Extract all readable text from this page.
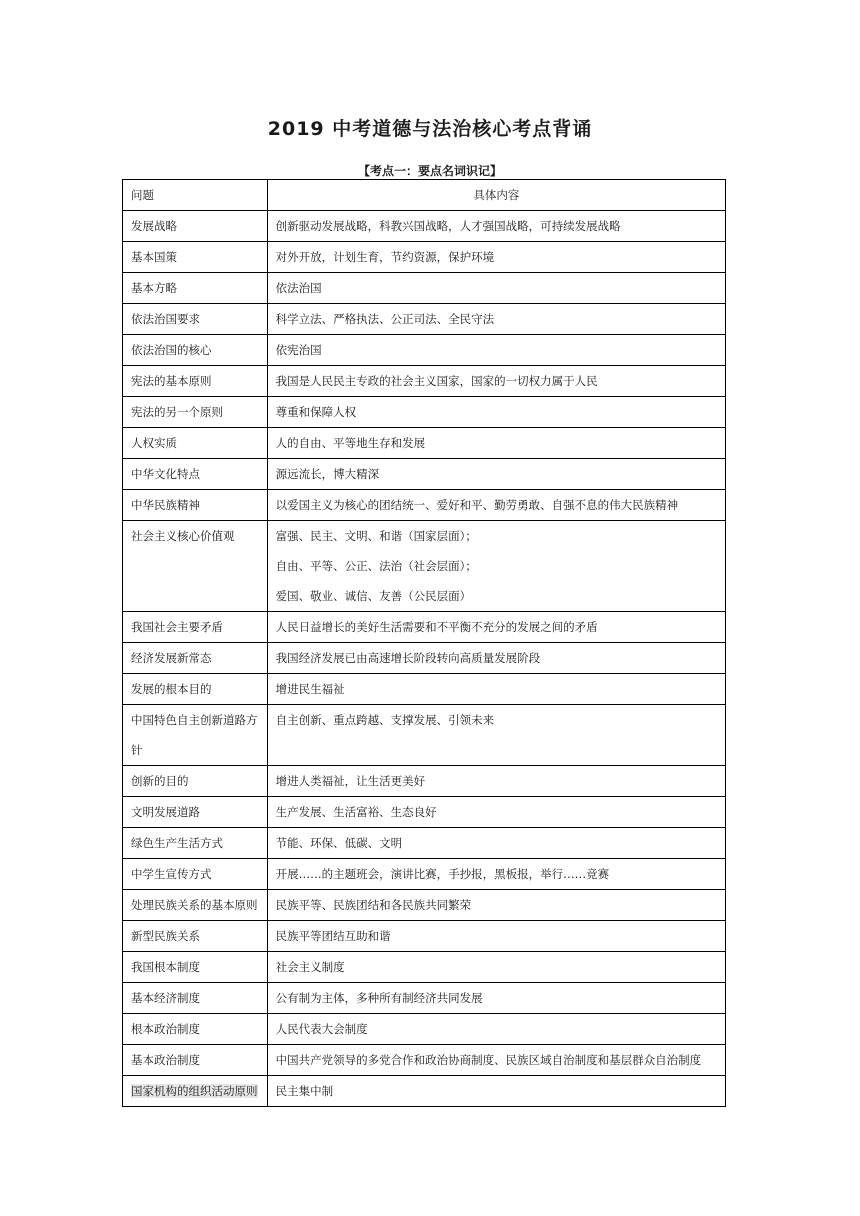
2019 中考道德与法治核心考点背诵
【考点一：要点名词识记】
问题	具体内容
发展战略	创新驱动发展战略，科教兴国战略，人才强国战略，可持续发展战略
基本国策	对外开放，计划生育，节约资源，保护环境
基本方略	依法治国
依法治国要求	科学立法、严格执法、公正司法、全民守法
依法治国的核心	依宪治国
宪法的基本原则	我国是人民民主专政的社会主义国家，国家的一切权力属于人民
宪法的另一个原则	尊重和保障人权
人权实质	人的自由、平等地生存和发展
中华文化特点	源远流长，博大精深
中华民族精神	以爱国主义为核心的团结统一、爱好和平、勤劳勇敢、自强不息的伟大民族精神
社会主义核心价值观	富强、民主、文明、和谐（国家层面）；
自由、平等、公正、法治（社会层面）；
爱国、敬业、诚信、友善（公民层面）

我国社会主要矛盾	人民日益增长的美好生活需要和不平衡不充分的发展之间的矛盾
经济发展新常态	我国经济发展已由高速增长阶段转向高质量发展阶段
发展的根本目的	增进民生福祉
中国特色自主创新道路方针	自主创新、重点跨越、支撑发展、引领未来
创新的目的	增进人类福祉，让生活更美好
文明发展道路	生产发展、生活富裕、生态良好
绿色生产生活方式	节能、环保、低碳、文明
中学生宣传方式	开展……的主题班会，演讲比赛，手抄报，黑板报，举行……竞赛
处理民族关系的基本原则	民族平等、民族团结和各民族共同繁荣
新型民族关系	民族平等团结互助和谐
我国根本制度	社会主义制度
基本经济制度	公有制为主体，多种所有制经济共同发展
根本政治制度	人民代表大会制度
基本政治制度	中国共产党领导的多党合作和政治协商制度、民族区域自治制度和基层群众自治制度
国家机构的组织活动原则	民主集中制
